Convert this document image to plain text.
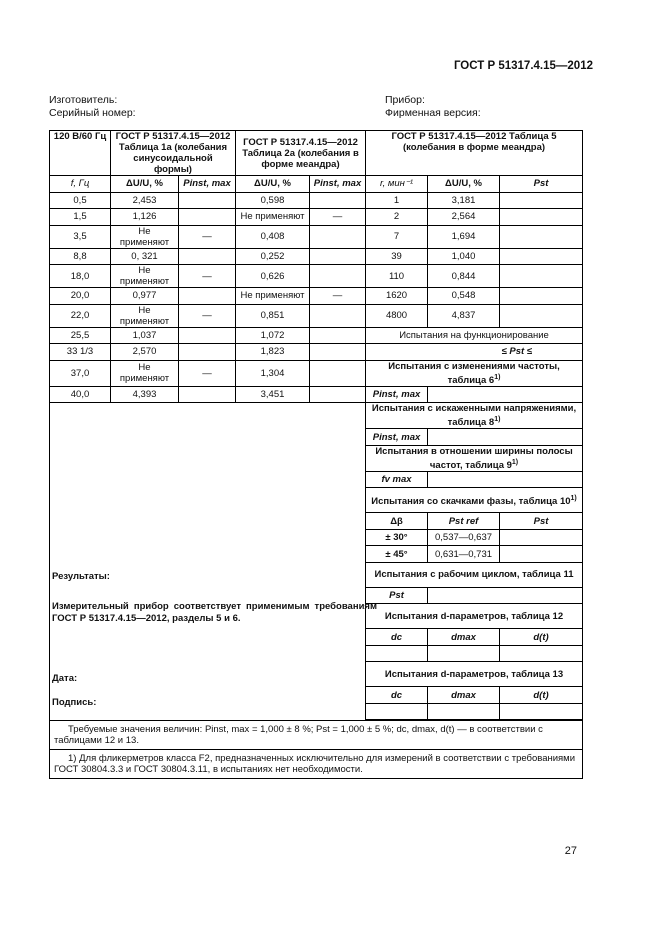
ГОСТ Р 51317.4.15—2012
Изготовитель:
Серийный номер:
Прибор:
Фирменная версия:
120 В/60 Гц	ГОСТ Р 51317.4.15—2012 Таблица 1а (колебания синусоидальной формы)		ГОСТ Р 51317.4.15—2012 Таблица 2а (колебания в форме меандра)		ГОСТ Р 51317.4.15—2012 Таблица 5 (колебания в форме меандра)		
f, Гц	ΔU/U, %	Pinst, max	ΔU/U, %	Pinst, max	r, мин⁻¹	ΔU/U, %	Pst
0,5	2,453		0,598		1	3,181	
1,5	1,126		Не применяют	—	2	2,564	
3,5	Не применяют	—	0,408		7	1,694	
8,8	0, 321		0,252		39	1,040	
18,0	Не применяют	—	0,626		110	0,844	
20,0	0,977		Не применяют	—	1620	0,548	
22,0	Не применяют	—	0,851		4800	4,837	
25,5	1,037		1,072		Испытания на функционирование		
33 1/3	2,570		1,823				≤ Pst ≤
37,0	Не применяют	—	1,304		Испытания с изменениями частоты, таблица 6$^{1)}$
40,0	4,393		3,451		Pinst, max		

Результаты:
Измерительный прибор соответствует применимым требованиям ГОСТ Р 51317.4.15—2012, разделы 5 и 6.
Дата:
Подпись:					Испытания с искаженными напряжениями, таблица 8$^{1)}$
					Pinst, max		
					Испытания в отношении ширины полосы частот, таблица 9$^{1)}$
					fv max		
					Испытания со скачками фазы, таблица 10$^{1)}$
					Δβ	Pst ref	Pst
					± 30°	0,537—0,637	
					± 45°	0,631—0,731	
					Испытания с рабочим циклом, таблица 11		
					Pst		
					Испытания d-параметров, таблица 12		
					dc	dmax	d(t)

					Испытания d-параметров, таблица 13		
					dc	dmax	d(t)

Требуемые значения величин: Pinst, max = 1,000 ± 8 %; Pst = 1,000 ± 5 %; dc, dmax, d(t) — в соответствии с таблицами 12 и 13.							
1) Для фликерметров класса F2, предназначенных исключительно для измерений в соответствии с требованиями ГОСТ 30804.3.3 и ГОСТ 30804.3.11, в испытаниях нет необходимости.							
27
